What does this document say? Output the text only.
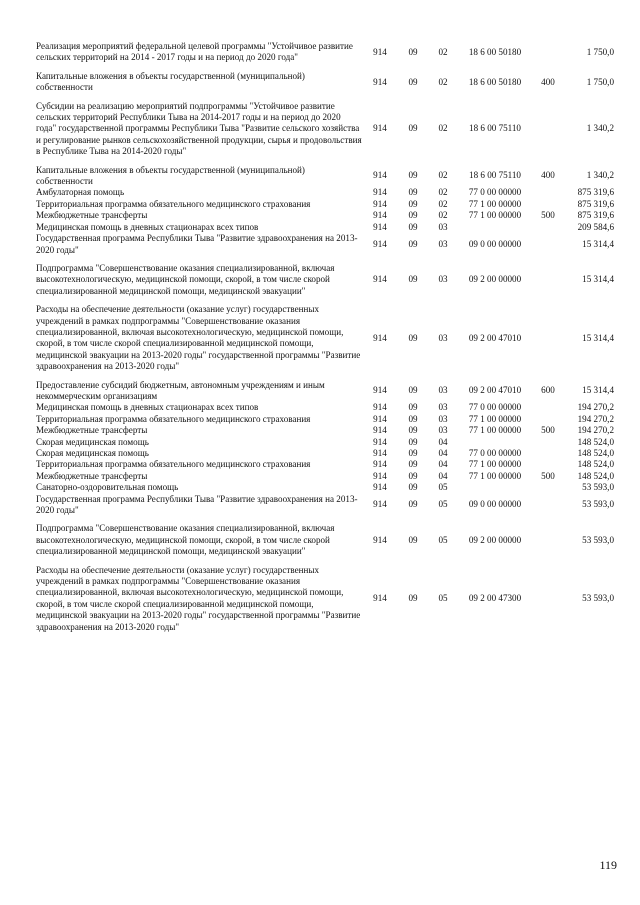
Реализация мероприятий федеральной целевой программы "Устойчивое развитие сельских территорий на 2014 - 2017 годы и на период до 2020 года"	914	09	02	18 6 00 50180		1 750,0

Капитальные вложения в объекты государственной (муниципальной) собственности	914	09	02	18 6 00 50180	400	1 750,0

Субсидии на реализацию мероприятий подпрограммы "Устойчивое развитие сельских территорий Республики Тыва на 2014-2017 годы и на период до 2020 года" государственной программы Республики Тыва "Развитие сельского хозяйства и регулирование рынков сельскохозяйственной продукции, сырья и продовольствия в Республике Тыва на 2014-2020 годы"	914	09	02	18 6 00 75110		1 340,2

Капитальные вложения в объекты государственной (муниципальной) собственности	914	09	02	18 6 00 75110	400	1 340,2
Амбулаторная помощь	914	09	02	77 0 00 00000		875 319,6
Территориальная программа обязательного медицинского страхования	914	09	02	77 1 00 00000		875 319,6
Межбюджетные трансферты	914	09	02	77 1 00 00000	500	875 319,6
Медицинская помощь в дневных стационарах всех типов	914	09	03			209 584,6
Государственная программа Республики Тыва "Развитие здравоохранения на 2013-2020 годы"	914	09	03	09 0 00 00000		15 314,4

Подпрограмма "Совершенствование оказания специализированной, включая высокотехнологическую, медицинской помощи, скорой, в том числе скорой специализированной медицинской помощи, медицинской эвакуации"	914	09	03	09 2 00 00000		15 314,4

Расходы на обеспечение деятельности (оказание услуг) государственных учреждений в рамках подпрограммы "Совершенствование оказания специализированной, включая высокотехнологическую, медицинской помощи, скорой, в том числе скорой специализированной медицинской помощи, медицинской эвакуации на 2013-2020 годы" государственной программы "Развитие здравоохранения на 2013-2020 годы"	914	09	03	09 2 00 47010		15 314,4

Предоставление субсидий бюджетным, автономным учреждениям и иным некоммерческим организациям	914	09	03	09 2 00 47010	600	15 314,4
Медицинская помощь в дневных стационарах всех типов	914	09	03	77 0 00 00000		194 270,2
Территориальная программа обязательного медицинского страхования	914	09	03	77 1 00 00000		194 270,2
Межбюджетные трансферты	914	09	03	77 1 00 00000	500	194 270,2
Скорая медицинская помощь	914	09	04			148 524,0
Скорая медицинская помощь	914	09	04	77 0 00 00000		148 524,0
Территориальная программа обязательного медицинского страхования	914	09	04	77 1 00 00000		148 524,0
Межбюджетные трансферты	914	09	04	77 1 00 00000	500	148 524,0
Санаторно-оздоровительная помощь	914	09	05			53 593,0
Государственная программа Республики Тыва "Развитие здравоохранения на 2013-2020 годы"	914	09	05	09 0 00 00000		53 593,0

Подпрограмма "Совершенствование оказания специализированной, включая высокотехнологическую, медицинской помощи, скорой, в том числе скорой специализированной медицинской помощи, медицинской эвакуации"	914	09	05	09 2 00 00000		53 593,0

Расходы на обеспечение деятельности (оказание услуг) государственных учреждений в рамках подпрограммы "Совершенствование оказания специализированной, включая высокотехнологическую, медицинской помощи, скорой, в том числе скорой специализированной медицинской помощи, медицинской эвакуации на 2013-2020 годы" государственной программы "Развитие здравоохранения на 2013-2020 годы"	914	09	05	09 2 00 47300		53 593,0
119
